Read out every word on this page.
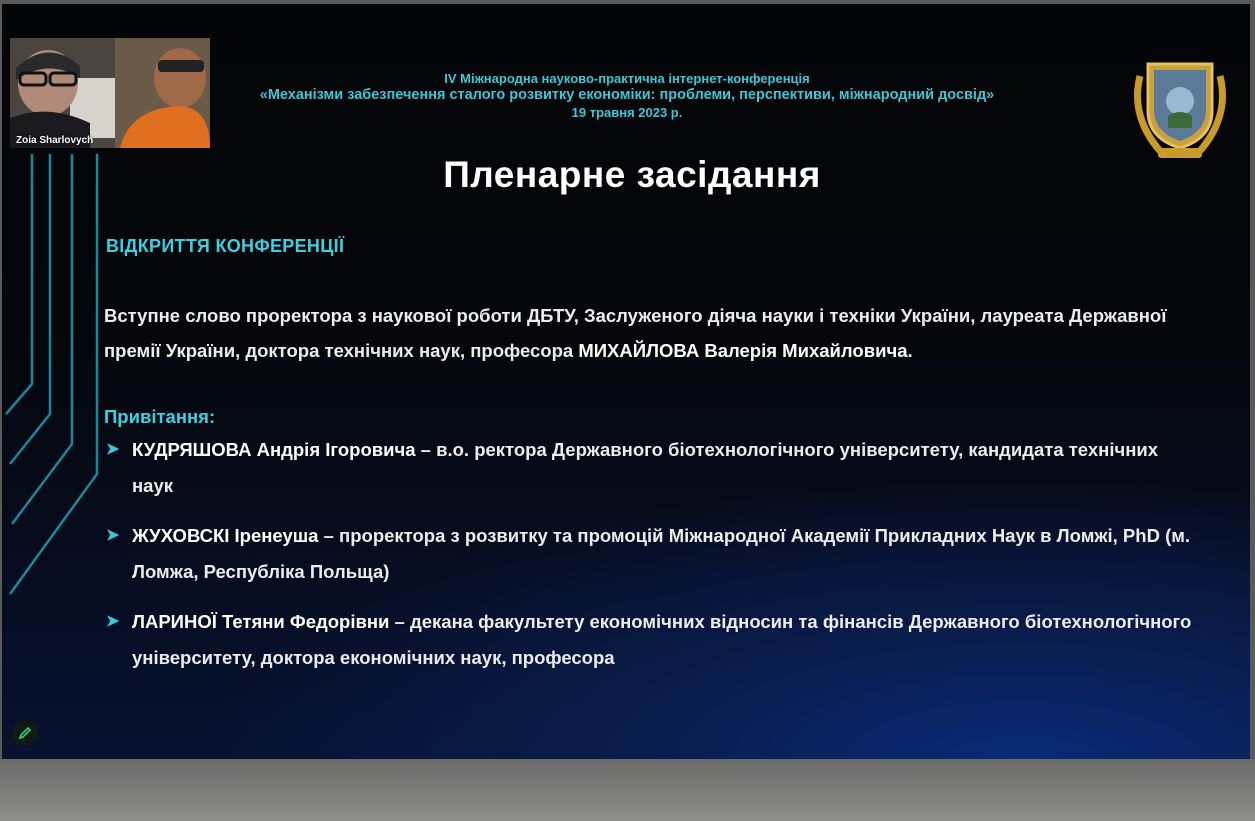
Zoia Sharlovych
IV Міжнародна науково-практична інтернет-конференція
«Механізми забезпечення сталого розвитку економіки: проблеми, перспективи, міжнародний досвід»
19 травня 2023 р.
Пленарне засідання
ВІДКРИТТЯ КОНФЕРЕНЦІЇ
Вступне слово проректора з наукової роботи ДБТУ, Заслуженого діяча науки і техніки України, лауреата Державної премії України, доктора технічних наук, професора МИХАЙЛОВА Валерія Михайловича.
Привітання:
➤ КУДРЯШОВА Андрія Ігоровича – в.о. ректора Державного біотехнологічного університету, кандидата технічних наук
➤ ЖУХОВСКІ Іренеуша – проректора з розвитку та промоцій Міжнародної Академії Прикладних Наук в Ломжі, PhD (м. Ломжа, Республіка Польща)
➤ ЛАРИНОЇ Тетяни Федорівни – декана факультету економічних відносин та фінансів Державного біотехнологічного університету, доктора економічних наук, професора
